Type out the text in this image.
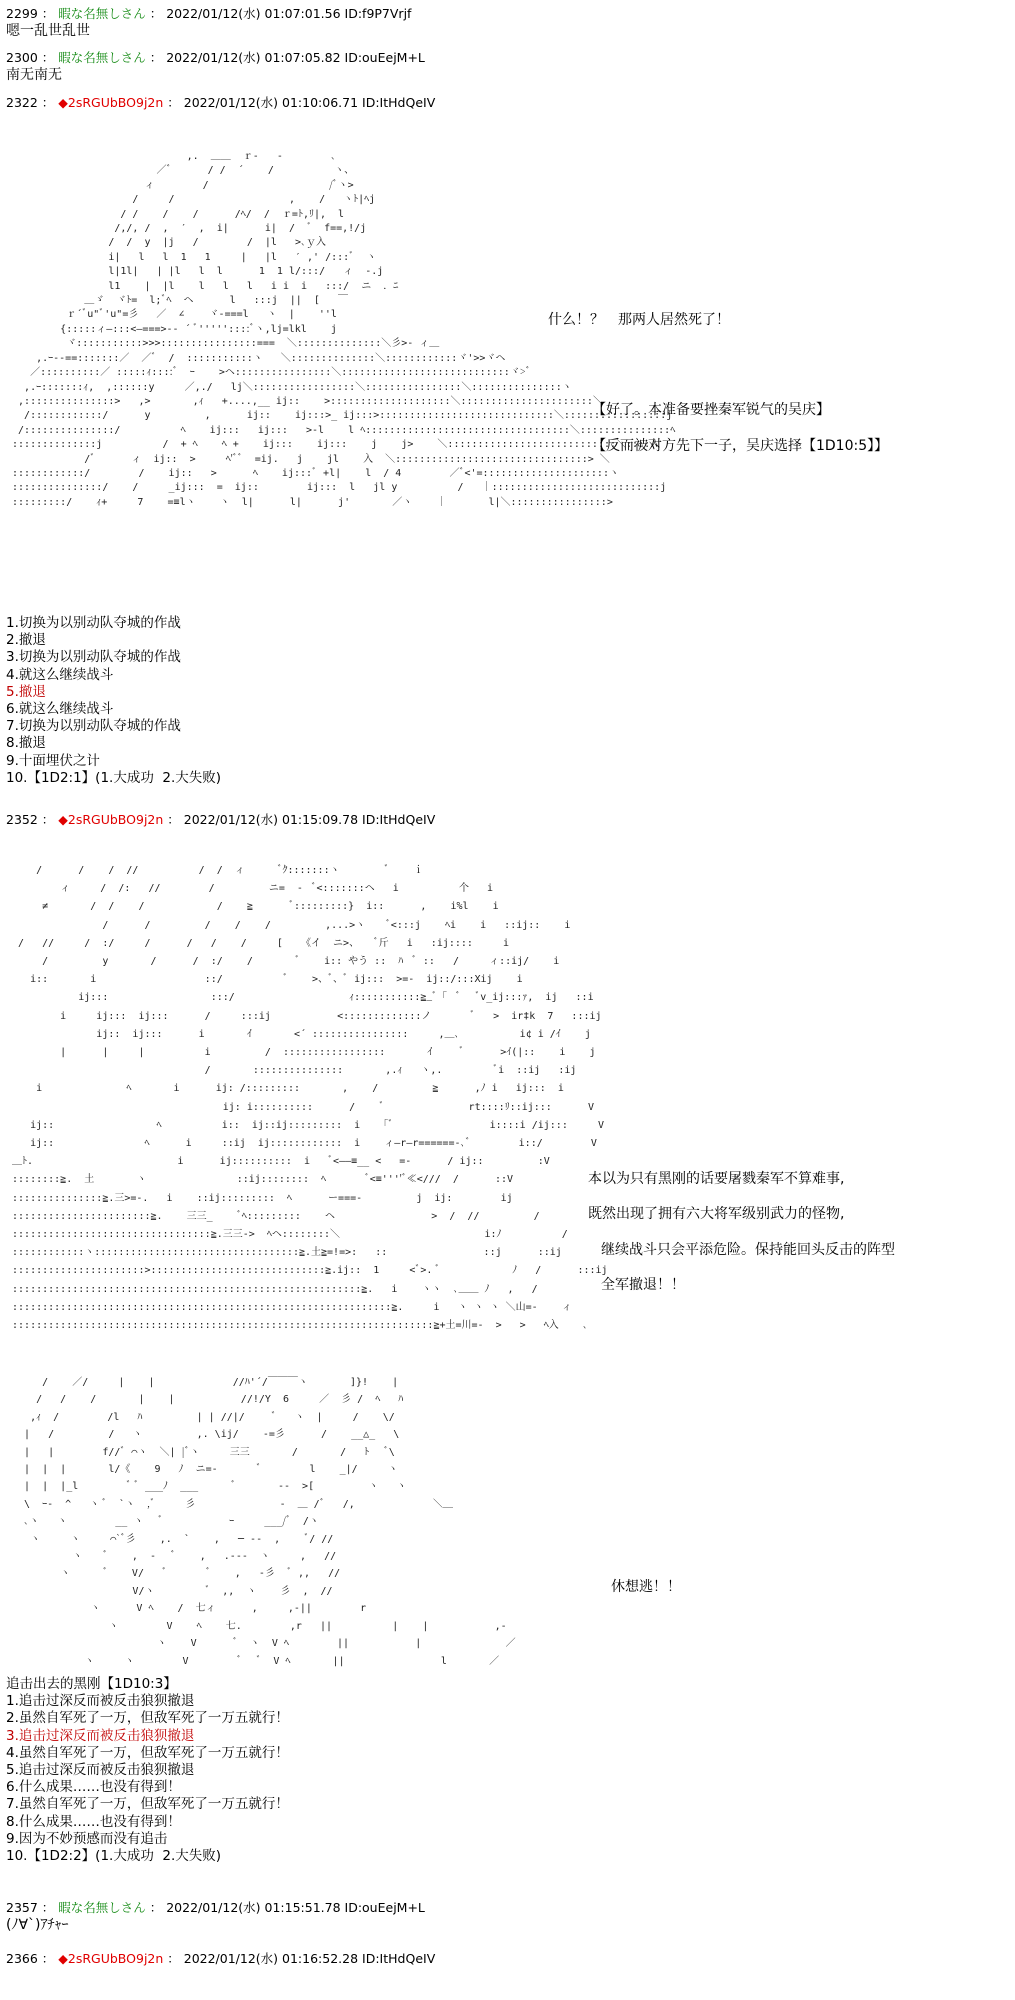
2299 ： 暇な名無しさん ： 2022/01/12(水) 01:07:01.56 ID:f9P7Vrjf
嗯一乱世乱世
2300 ： 暇な名無しさん ： 2022/01/12(水) 01:07:05.82 ID:ouEejM+L
南无南无
2322 ： ◆2sRGUbBO9j2n ： 2022/01/12(水) 01:10:06.71 ID:ItHdQeIV
,.  ＿＿  ｒ‐   -        ､
／ﾞ      / /  ´    /          ヽ、
ィ        /                    /ﾞヽ>
/     /                   ,    /   ヽﾄ|ﾍj
/ /    /    /      /ﾍ/  /  ｒ=ﾄ,ﾘ|,  l
/,/, /  ,  ′  ,  i|      i|  /  ﾞ  f==,!/j
/  /  y  |j   /        /  |l   >､ｙ入
i|   l   l  1   1     |   |l   ′ ,' /:::ﾞ  ヽ
l|1l|   | |l   l  l      1  1 l/:::/   ィ  -.j
l1    |  |l    l   l   l   i i  i   :::/  ニ  ．ﾆ
＿ゞ  ヾﾄ=  l;ﾞﾍ  ヘ      l   :::j  ||  [   ￣
ｒ´ﾞu"ﾞ'u"=彡   ／  ∠    ヾ-===l   ヽ  |    ''l
{:::::ィ―:::<―===>‐‐ ´ ﾞ'''''::::ﾞヽ,lj=lkl    j
ヾ:::::::::::>>>::::::::::::::::===  ＼::::::::::::::＼彡>‐ ィ＿
,.ｰ‐-==:::::::／  ／ﾞ  /  :::::::::::ヽ   ＼::::::::::::::＼::::::::::::ヾ'>>ヾヘ
／::::::::::／ :::::ｨ::::ﾞ  ｰ    >ヘ::::::::::::::::＼::::::::::::::::::::::::::::ヾ>ﾞ
,.ｰ:::::::ｨ,  ,::::::y     ／,./   lj＼:::::::::::::::::＼::::::::::::::::＼:::::::::::::::ヽ
,:::::::::::::::>   ,>       ,ｨ   +....,__ ij::    >::::::::::::::::::::＼::::::::::::::::::::::＼
/::::::::::::/      y         ,      ij::    ij:::>_ ij:::>:::::::::::::::::::::::::::::＼:::::::::::::::::j
/:::::::::::::::/          ﾍ    ij:::   ij:::   >‐l    l ﾍ::::::::::::::::::::::::::::::::::＼:::::::::::::::ﾍ
::::::::::::::j          /  + ﾍ    ﾍ +    ij:::    ij:::    j    j>    ＼::::::::::::::::::::::::::::＼::::入
/ﾞ      ィ  ij::  >     ﾍ'ﾞﾞ  =ij.   j    jl    入  ＼::::::::::::::::::::::::::::::::> ＼
::::::::::::/        /    ij::   >      ﾍ    ij:::ﾞ +l|    l  / 4        ／ﾞ<'=:::::::::::::::::::::ヽ
:::::::::::::::/    /     _ij:::  =  ij::        ij:::  l   jl y          /   ｜::::::::::::::::::::::::::::j
:::::::::/    ｨ+     7    =≡lヽ    ヽ  l|      l|      j'       ／ヽ    ｜       l|＼::::::::::::::::>
什么！？　那两人居然死了！
【好了。本准备要挫秦军锐气的吴庆】
【反而被对方先下一子，吴庆选择【1D10:5】】
1.切换为以别动队夺城的作战
2.撤退
3.切换为以别动队夺城的作战
4.就这么继续战斗
5.撤退
6.就这么继续战斗
7.切换为以别动队夺城的作战
8.撤退
9.十面埋伏之计
10.【1D2:1】(1.大成功  2.大失败)
2352 ： ◆2sRGUbBO9j2n ： 2022/01/12(水) 01:15:09.78 ID:ItHdQeIV
/      /    /  //          /  /  ィ      ﾞｸ:::::::ヽ        ﾞ    ｉ
ィ     /  /:   //        /         ニ=  -  ﾞ<:::::::ヘ   i          个   i
≠       /  /    /            /    ≧      ﾞ:::::::::}  i::      ,    i%l    i
/      /         /    /    /         ,...>ヽ    ﾞ<:::j    ﾍi    i   ::ij::    i
/   //     /  :/     /      /   /    /     [   《イ  ニ>、   ﾞ斤   i   :ij::::     i
/         y       /      /  :/    /       ﾞ    i:: やう ::  ﾊ  ﾞ ::   /     ィ::ij/    i
i::       i                  ::/          ﾞ    >、ﾞ、ﾞ ij:::  >=-  ij::/:::Xij    i
ij:::                 :::/                   ｨ:::::::::::≧_ﾞ「  ﾞ   ﾞv_ij:::ｧ,  ij   ::i
i     ij:::  ij:::      /     :::ij           <:::::::::::::ノ       ﾞ   >  ir‡k  7   :::ij
ij::  ij:::      i       ｲ       <´ ::::::::::::::::     ,＿､          i¢ i /ｲ    j
|      |     |          i         /  :::::::::::::::::       ｲ     ﾞ      >ｲ(|::    i    j
/       :::::::::::::::       ,.ｨ   ヽ,.         ﾞi  ::ij   :ij
i              ﾍ       i      ij: /:::::::::       ,    /         ≧      ,ﾉ i   ij:::  i
ij: i::::::::::      /    ﾞ              rt::::ﾘ::ij:::      V
ij::                 ﾍ          i::  ij::ij:::::::::  i   「ﾞ                i::::i /ij:::     V
ij::               ﾍ      i     ::ij  ij::::::::::::  i    ィ―r―r======-､ﾞ        i::/        V
＿ﾄ.                        i      ij::::::::::  i   ﾞ<――≡__ <   =‐      / ij::         :V
::::::::≧.  土       ヽ               ::ij::::::::  ﾍ       ﾞ<≡''''ﾞ≪<///  /      ::V
:::::::::::::::≧.三>=‐.   i    ::ij:::::::::  ﾍ      ー===-         j  ij:        ij
:::::::::::::::::::::::≧.    三三_    ﾞﾍ:::::::::    ヘ                >  /  //         /
:::::::::::::::::::::::::::::::::≧.三三->  ﾍヘ::::::::＼                        i:ﾉ          /
::::::::::::ヽ::::::::::::::::::::::::::::::::::≧.土≧=!=>:   ::                ::j      ::ij
::::::::::::::::::::::>:::::::::::::::::::::::::::::≧.ij::  1     <ﾞ>. ﾞ            ﾉ   /      :::ij
::::::::::::::::::::::::::::::::::::::::::::::::::::::::::≧.   i    ヽヽ  ､＿＿ ﾉ   ,   /
:::::::::::::::::::::::::::::::::::::::::::::::::::::::::::::::≧.     i   ヽ ヽ ヽ ＼山=-    ィ
::::::::::::::::::::::::::::::::::::::::::::::::::::::::::::::::::::::≧+土=川=-  >   >   ﾍ入    ､
本以为只有黑刚的话要屠戮秦军不算难事,
既然出现了拥有六大将军级别武力的怪物,
继续战斗只会平添危险。保持能回头反击的阵型
全军撤退！！
/    ／/     |    |             //ﾊ'´/￣￣￣ヽ       ]}!    |
/   /    /       |    |           //!/Y  6     ／  彡 /  ﾍ   ﾊ
,ｨ  /        /l   ﾊ         | | //|/     ﾞ   ヽ  |     /    \/
|   /         /   ヽ         ,. \ij/    -=彡      /    __△_   \
|   |        f//ﾞ ⌒ヽ  ＼| |ﾞヽ     三三       /       /   ﾄ   ﾞ\
|  |  |       l/《    9   ﾉ  ニ=-       ﾞ        l    _|/     ヽ
|  |  |_l        ﾞ ﾞ ___ﾉ  ___      ﾞ       --  >[         ヽ   ヽ
\  ｰ-  ^   ヽ ﾞ  `ヽ  ,ﾞ     彡              -  ＿ /ﾞ   /,             ＼＿
､ヽ   ヽ        __ ヽ   ﾞ           ｰ     ___/ﾞ  /ヽ
ヽ     ヽ     ⌒`ﾞ彡    ,.  `    ,   ─ --  ,    ﾞ/ //
ヽ    ﾞ    ,  ‐   ﾞ    ,   .-‐‐  ヽ     ,   //
ヽ      ﾞ    V/   ﾞ       ﾞ    ,   -彡  ﾞ ,,   //
V/ヽ         ﾞ  ,,  ヽ    彡  ,  //
ヽ      V ﾍ    /  七ィ      ,     ,-||        r
ヽ        V    ﾍ    七.        ,r   ||          |    |           ,-
ヽ    V      ﾞ  ヽ  V ﾍ        ||           |              ／
ヽ     ヽ        V        ﾞ   ﾞ  V ﾍ       ||                l       ／
休想逃！！
追击出去的黑刚【1D10:3】
1.追击过深反而被反击狼狈撤退
2.虽然自军死了一万，但敌军死了一万五就行！
3.追击过深反而被反击狼狈撤退
4.虽然自军死了一万，但敌军死了一万五就行！
5.追击过深反而被反击狼狈撤退
6.什么成果……也没有得到！
7.虽然自军死了一万，但敌军死了一万五就行！
8.什么成果……也没有得到！
9.因为不妙预感而没有追击
10.【1D2:2】(1.大成功  2.大失败)
2357 ： 暇な名無しさん ： 2022/01/12(水) 01:15:51.78 ID:ouEejM+L
(ﾉ∀`)ｱﾁｬｰ
2366 ： ◆2sRGUbBO9j2n ： 2022/01/12(水) 01:16:52.28 ID:ItHdQeIV
